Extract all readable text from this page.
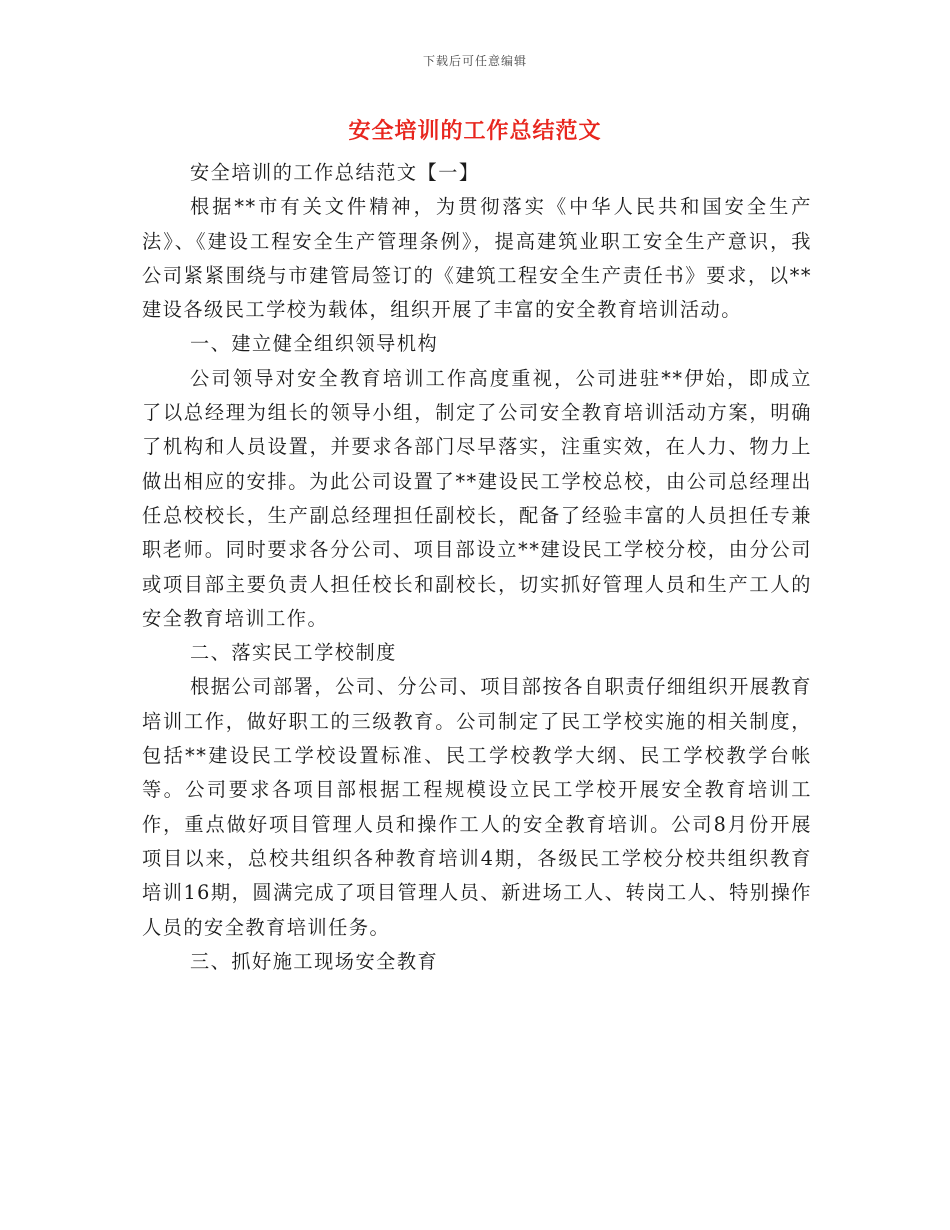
下载后可任意编辑
安全培训的工作总结范文

安全培训的工作总结范文【一】

根据**市有关文件精神，为贯彻落实《中华人民共和国安全生产法》、《建设工程安全生产管理条例》，提高建筑业职工安全生产意识，我公司紧紧围绕与市建管局签订的《建筑工程安全生产责任书》要求，以**建设各级民工学校为载体，组织开展了丰富的安全教育培训活动。

一、建立健全组织领导机构

公司领导对安全教育培训工作高度重视，公司进驻**伊始，即成立了以总经理为组长的领导小组，制定了公司安全教育培训活动方案，明确了机构和人员设置，并要求各部门尽早落实，注重实效，在人力、物力上做出相应的安排。为此公司设置了**建设民工学校总校，由公司总经理出任总校校长，生产副总经理担任副校长，配备了经验丰富的人员担任专兼职老师。同时要求各分公司、项目部设立**建设民工学校分校，由分公司或项目部主要负责人担任校长和副校长，切实抓好管理人员和生产工人的安全教育培训工作。

二、落实民工学校制度

根据公司部署，公司、分公司、项目部按各自职责仔细组织开展教育培训工作，做好职工的三级教育。公司制定了民工学校实施的相关制度，包括**建设民工学校设置标准、民工学校教学大纲、民工学校教学台帐等。公司要求各项目部根据工程规模设立民工学校开展安全教育培训工作，重点做好项目管理人员和操作工人的安全教育培训。公司8月份开展项目以来，总校共组织各种教育培训4期，各级民工学校分校共组织教育培训16期，圆满完成了项目管理人员、新进场工人、转岗工人、特别操作人员的安全教育培训任务。

三、抓好施工现场安全教育
